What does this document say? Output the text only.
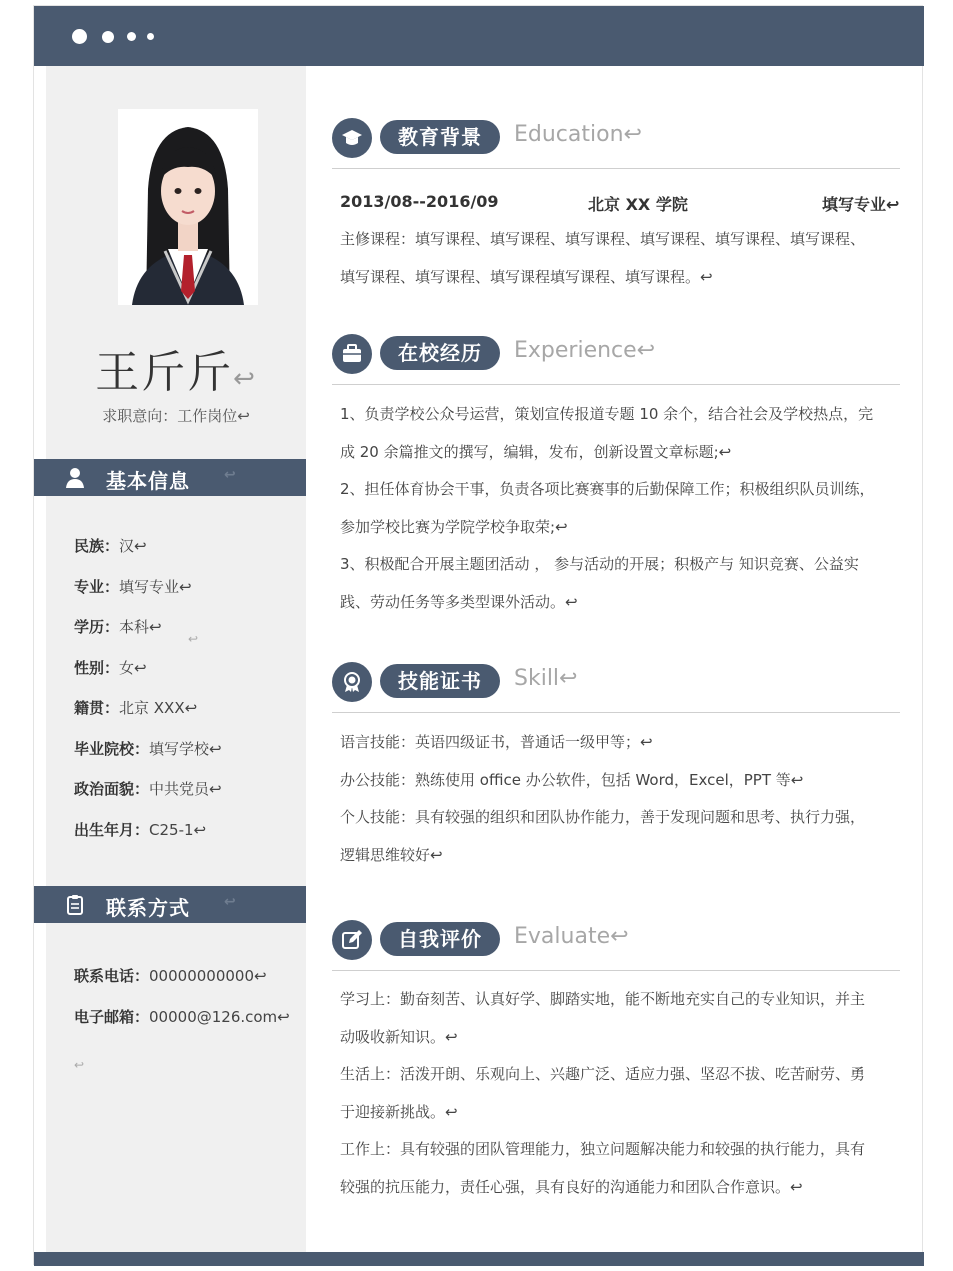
王斤斤↩
求职意向：工作岗位↩
基本信息 ↩
民族：汉↩
专业：填写专业↩
学历：本科↩
↩
性别：女↩
籍贯：北京 XXX↩
毕业院校：填写学校↩
政治面貌：中共党员↩
出生年月：C25-1↩
联系方式 ↩
联系电话：00000000000↩
电子邮箱：00000@126.com↩
↩
教育背景	Education↩
2013/08--2016/09	北京 XX 学院	填写专业↩
主修课程：填写课程、填写课程、填写课程、填写课程、填写课程、填写课程、
填写课程、填写课程、填写课程填写课程、填写课程。↩
在校经历	Experience↩
1、负责学校公众号运营，策划宣传报道专题 10 余个，结合社会及学校热点，完
成 20 余篇推文的撰写，编辑，发布，创新设置文章标题;↩
2、担任体育协会干事，负责各项比赛赛事的后勤保障工作；积极组织队员训练，
参加学校比赛为学院学校争取荣;↩
3、积极配合开展主题团活动 ， 参与活动的开展；积极产与 知识竞赛、公益实
践、劳动任务等多类型课外活动。↩
技能证书	Skill↩
语言技能：英语四级证书，普通话一级甲等；↩
办公技能：熟练使用 office 办公软件，包括 Word，Excel，PPT 等↩
个人技能：具有较强的组织和团队协作能力，善于发现问题和思考、执行力强，
逻辑思维较好↩
自我评价	Evaluate↩
学习上：勤奋刻苦、认真好学、脚踏实地，能不断地充实自己的专业知识，并主
动吸收新知识。↩
生活上：活泼开朗、乐观向上、兴趣广泛、适应力强、坚忍不拔、吃苦耐劳、勇
于迎接新挑战。↩
工作上：具有较强的团队管理能力，独立问题解决能力和较强的执行能力，具有
较强的抗压能力，责任心强，具有良好的沟通能力和团队合作意识。↩
